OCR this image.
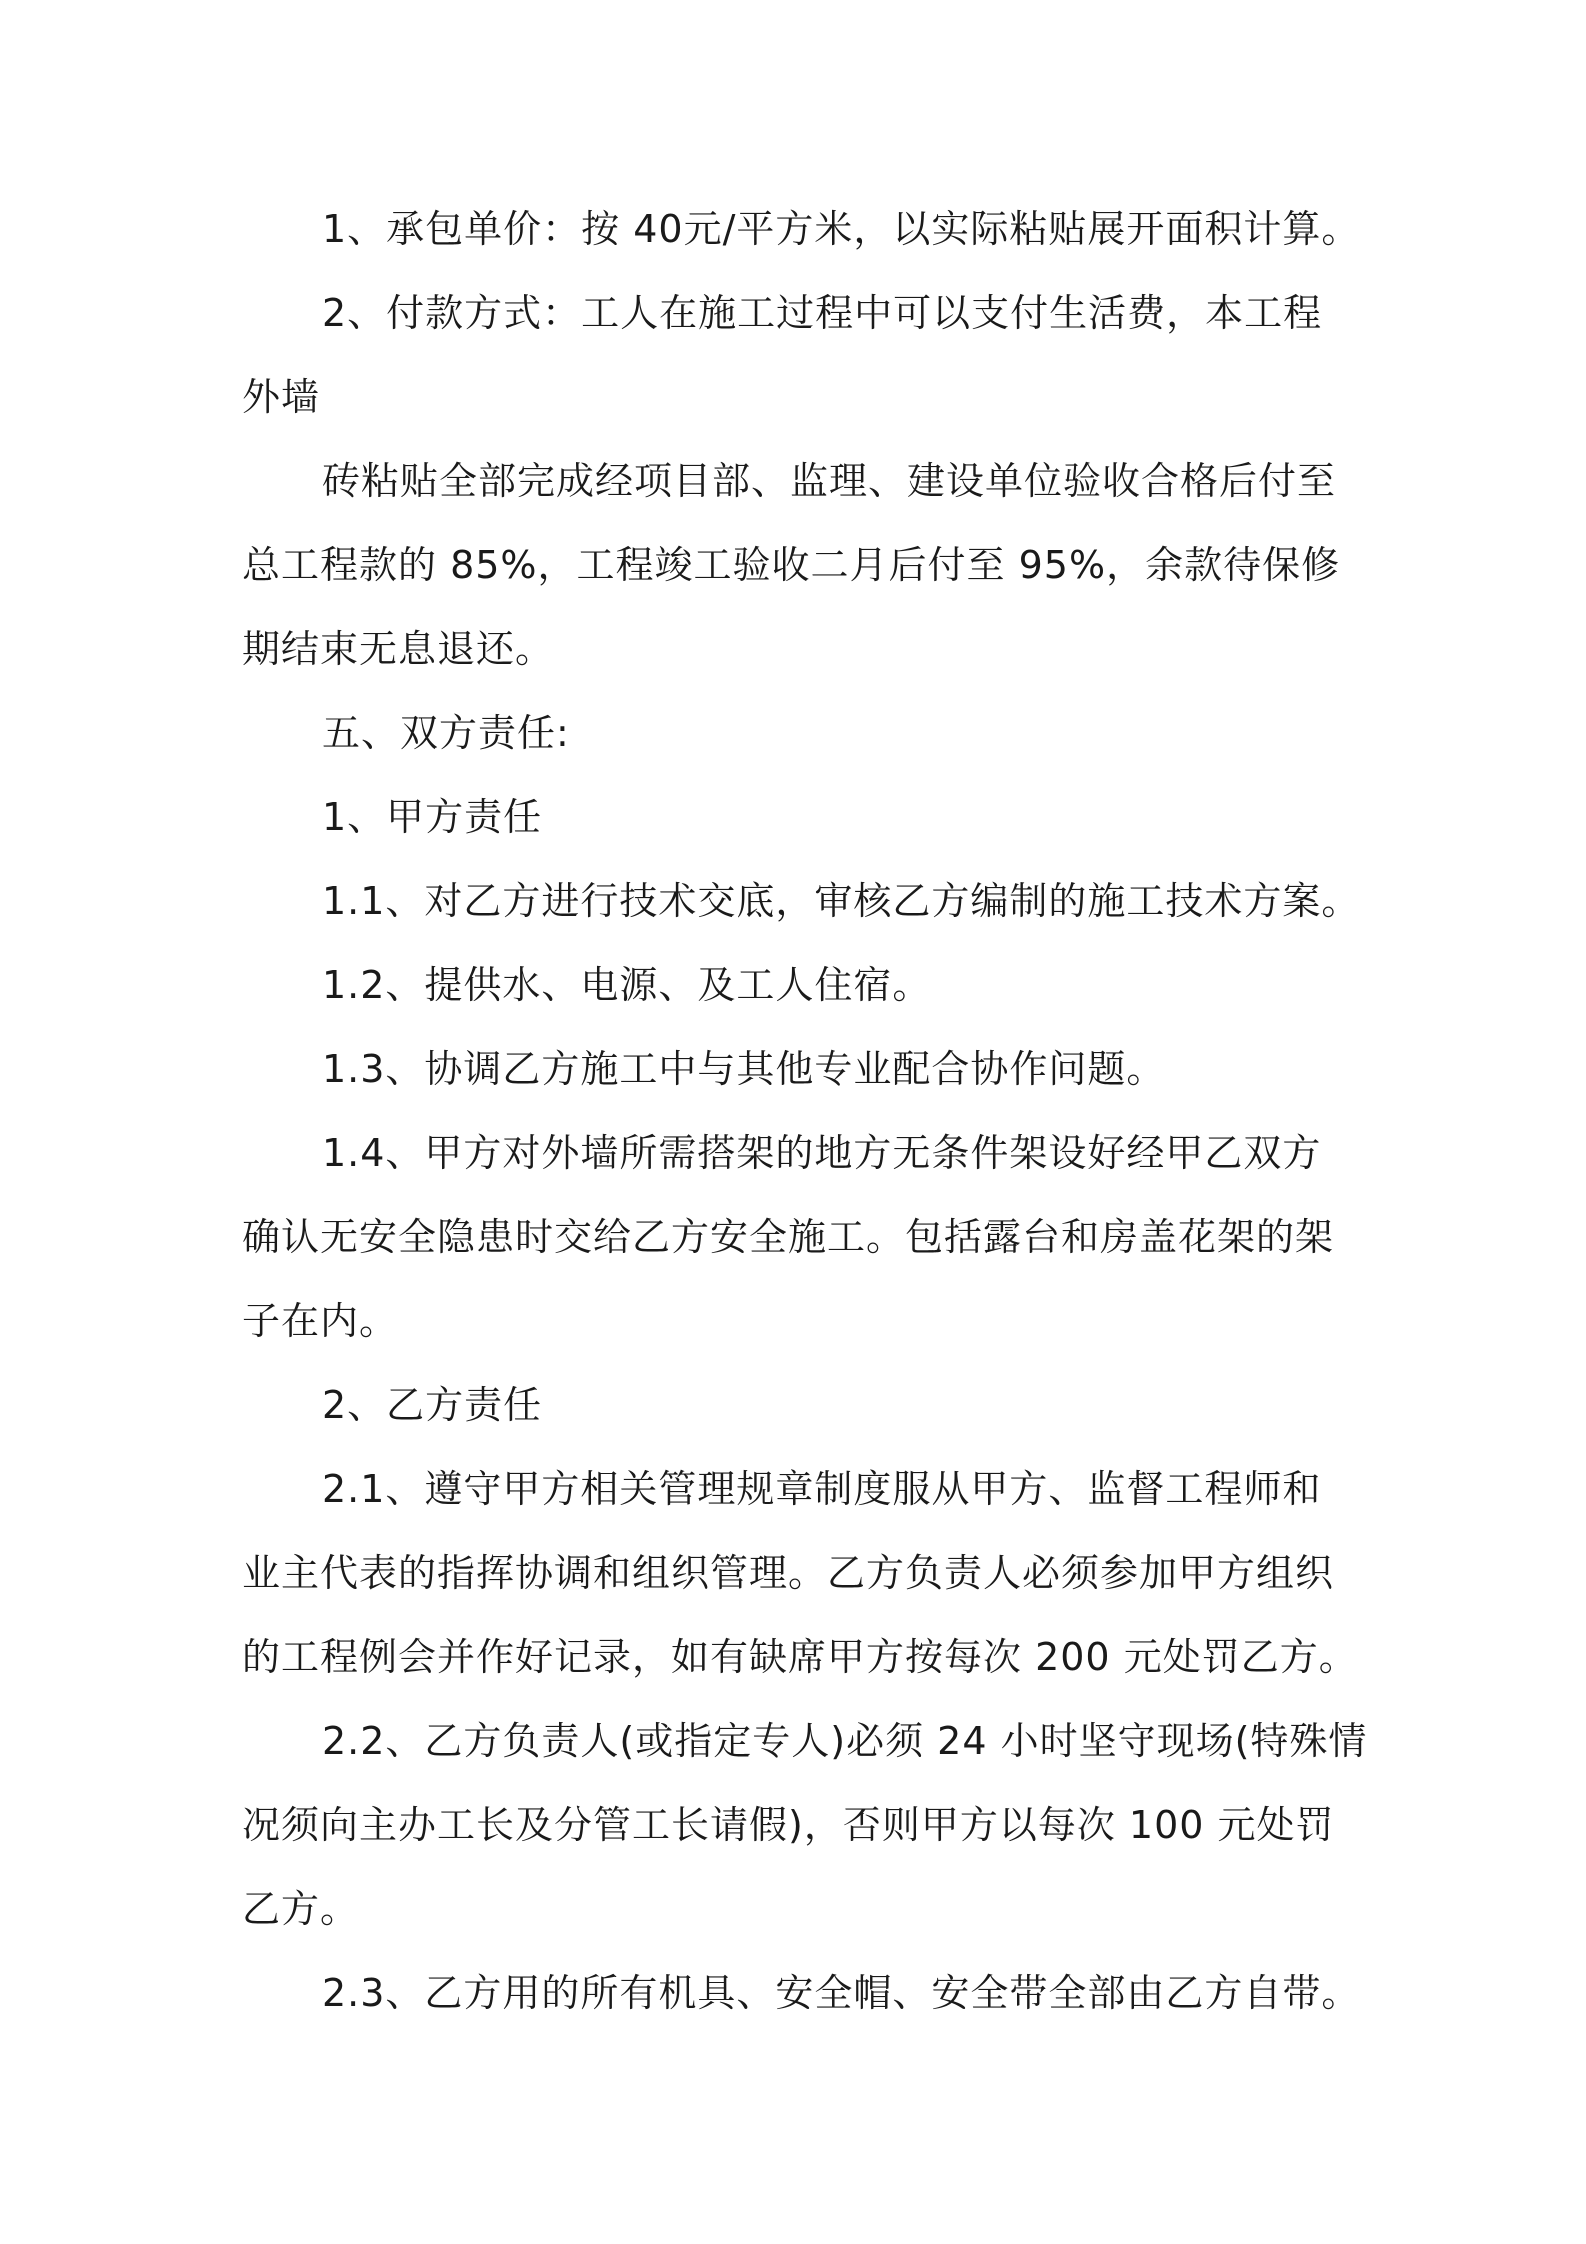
1、承包单价：按 40元/平方米，以实际粘贴展开面积计算。
2、付款方式：工人在施工过程中可以支付生活费，本工程
外墙
砖粘贴全部完成经项目部、监理、建设单位验收合格后付至
总工程款的 85%，工程竣工验收二月后付至 95%，余款待保修
期结束无息退还。
五、双方责任:
1、甲方责任
1.1、对乙方进行技术交底，审核乙方编制的施工技术方案。
1.2、提供水、电源、及工人住宿。
1.3、协调乙方施工中与其他专业配合协作问题。
1.4、甲方对外墙所需搭架的地方无条件架设好经甲乙双方
确认无安全隐患时交给乙方安全施工。包括露台和房盖花架的架
子在内。
2、乙方责任
2.1、遵守甲方相关管理规章制度服从甲方、监督工程师和
业主代表的指挥协调和组织管理。乙方负责人必须参加甲方组织
的工程例会并作好记录，如有缺席甲方按每次 200 元处罚乙方。
2.2、乙方负责人(或指定专人)必须 24 小时坚守现场(特殊情
况须向主办工长及分管工长请假)，否则甲方以每次 100 元处罚
乙方。
2.3、乙方用的所有机具、安全帽、安全带全部由乙方自带。
